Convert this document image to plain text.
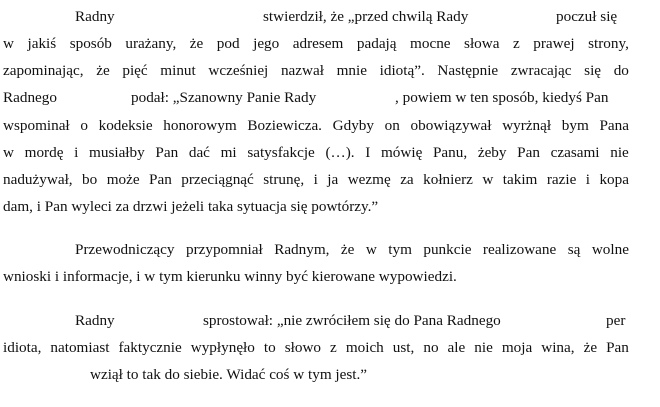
Radny	stwierdził, że „przed chwilą Rady	poczuł się
w jakiś sposób urażany, że pod jego adresem padają mocne słowa z prawej strony,
zapominając, że pięć minut wcześniej nazwał mnie idiotą”. Następnie zwracając się do
Radnego	podał: „Szanowny Panie Rady	, powiem w ten sposób, kiedyś Pan
wspominał o kodeksie honorowym Boziewicza. Gdyby on obowiązywał wyrżnął bym Pana
w mordę i musiałby Pan dać mi satysfakcje (…). I mówię Panu, żeby Pan czasami nie
nadużywał, bo może Pan przeciągnąć strunę, i ja wezmę za kołnierz w takim razie i kopa
dam, i Pan wyleci za drzwi jeżeli taka sytuacja się powtórzy.”
Przewodniczący przypomniał Radnym, że w tym punkcie realizowane są wolne
wnioski i informacje, i w tym kierunku winny być kierowane wypowiedzi.
Radny	sprostował: „nie zwróciłem się do Pana Radnego	per
idiota, natomiast faktycznie wypłynęło to słowo z moich ust, no ale nie moja wina, że Pan
wziął to tak do siebie. Widać coś w tym jest.”
